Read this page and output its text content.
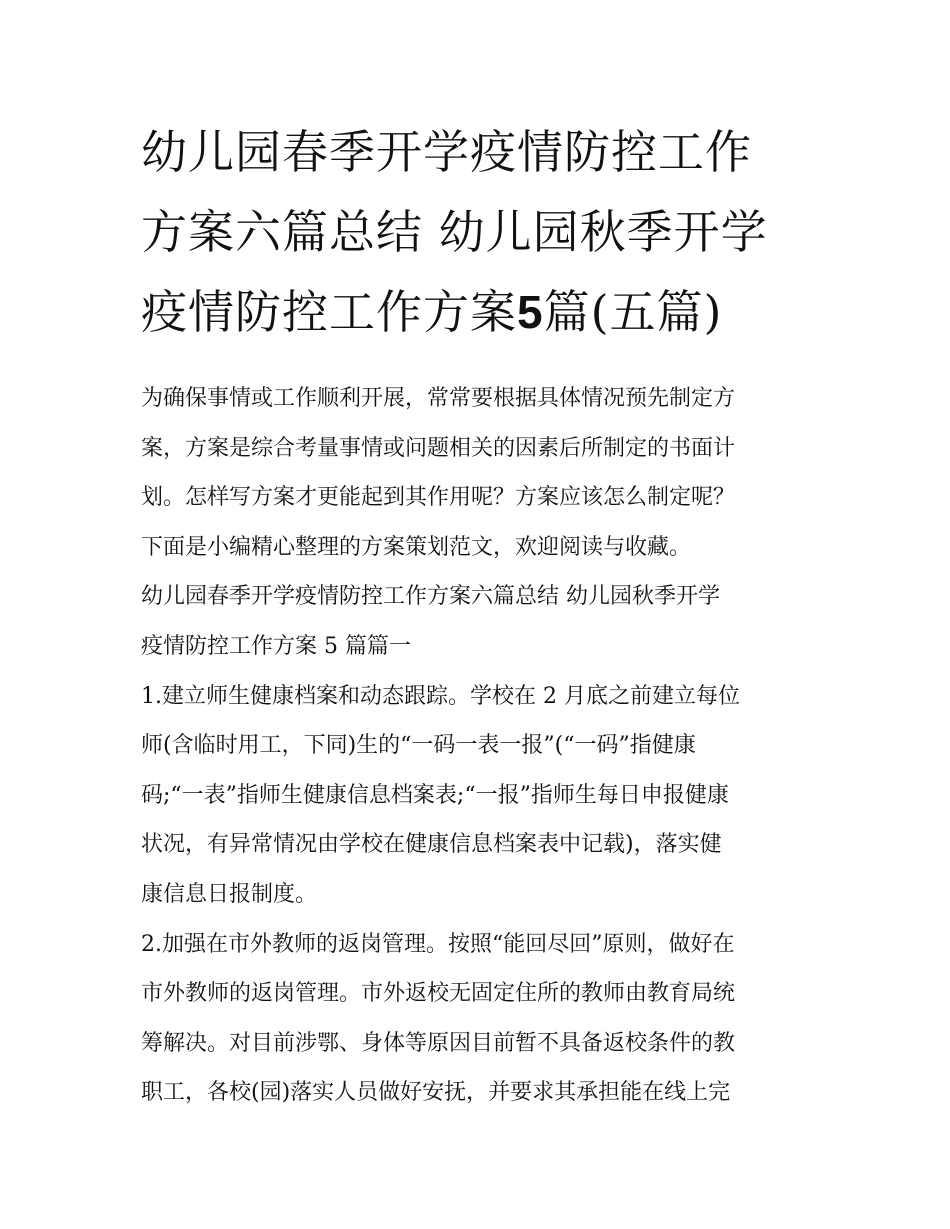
幼儿园春季开学疫情防控工作
方案六篇总结 幼儿园秋季开学
疫情防控工作方案5篇(五篇)
为确保事情或工作顺利开展，常常要根据具体情况预先制定方
案，方案是综合考量事情或问题相关的因素后所制定的书面计
划。怎样写方案才更能起到其作用呢？方案应该怎么制定呢？
下面是小编精心整理的方案策划范文，欢迎阅读与收藏。
幼儿园春季开学疫情防控工作方案六篇总结 幼儿园秋季开学
疫情防控工作方案 5 篇篇一
1.建立师生健康档案和动态跟踪。学校在 2 月底之前建立每位
师(含临时用工，下同)生的“一码一表一报”(“一码”指健康
码;“一表”指师生健康信息档案表;“一报”指师生每日申报健康
状况，有异常情况由学校在健康信息档案表中记载)，落实健
康信息日报制度。
2.加强在市外教师的返岗管理。按照“能回尽回”原则，做好在
市外教师的返岗管理。市外返校无固定住所的教师由教育局统
筹解决。对目前涉鄂、身体等原因目前暂不具备返校条件的教
职工，各校(园)落实人员做好安抚，并要求其承担能在线上完
